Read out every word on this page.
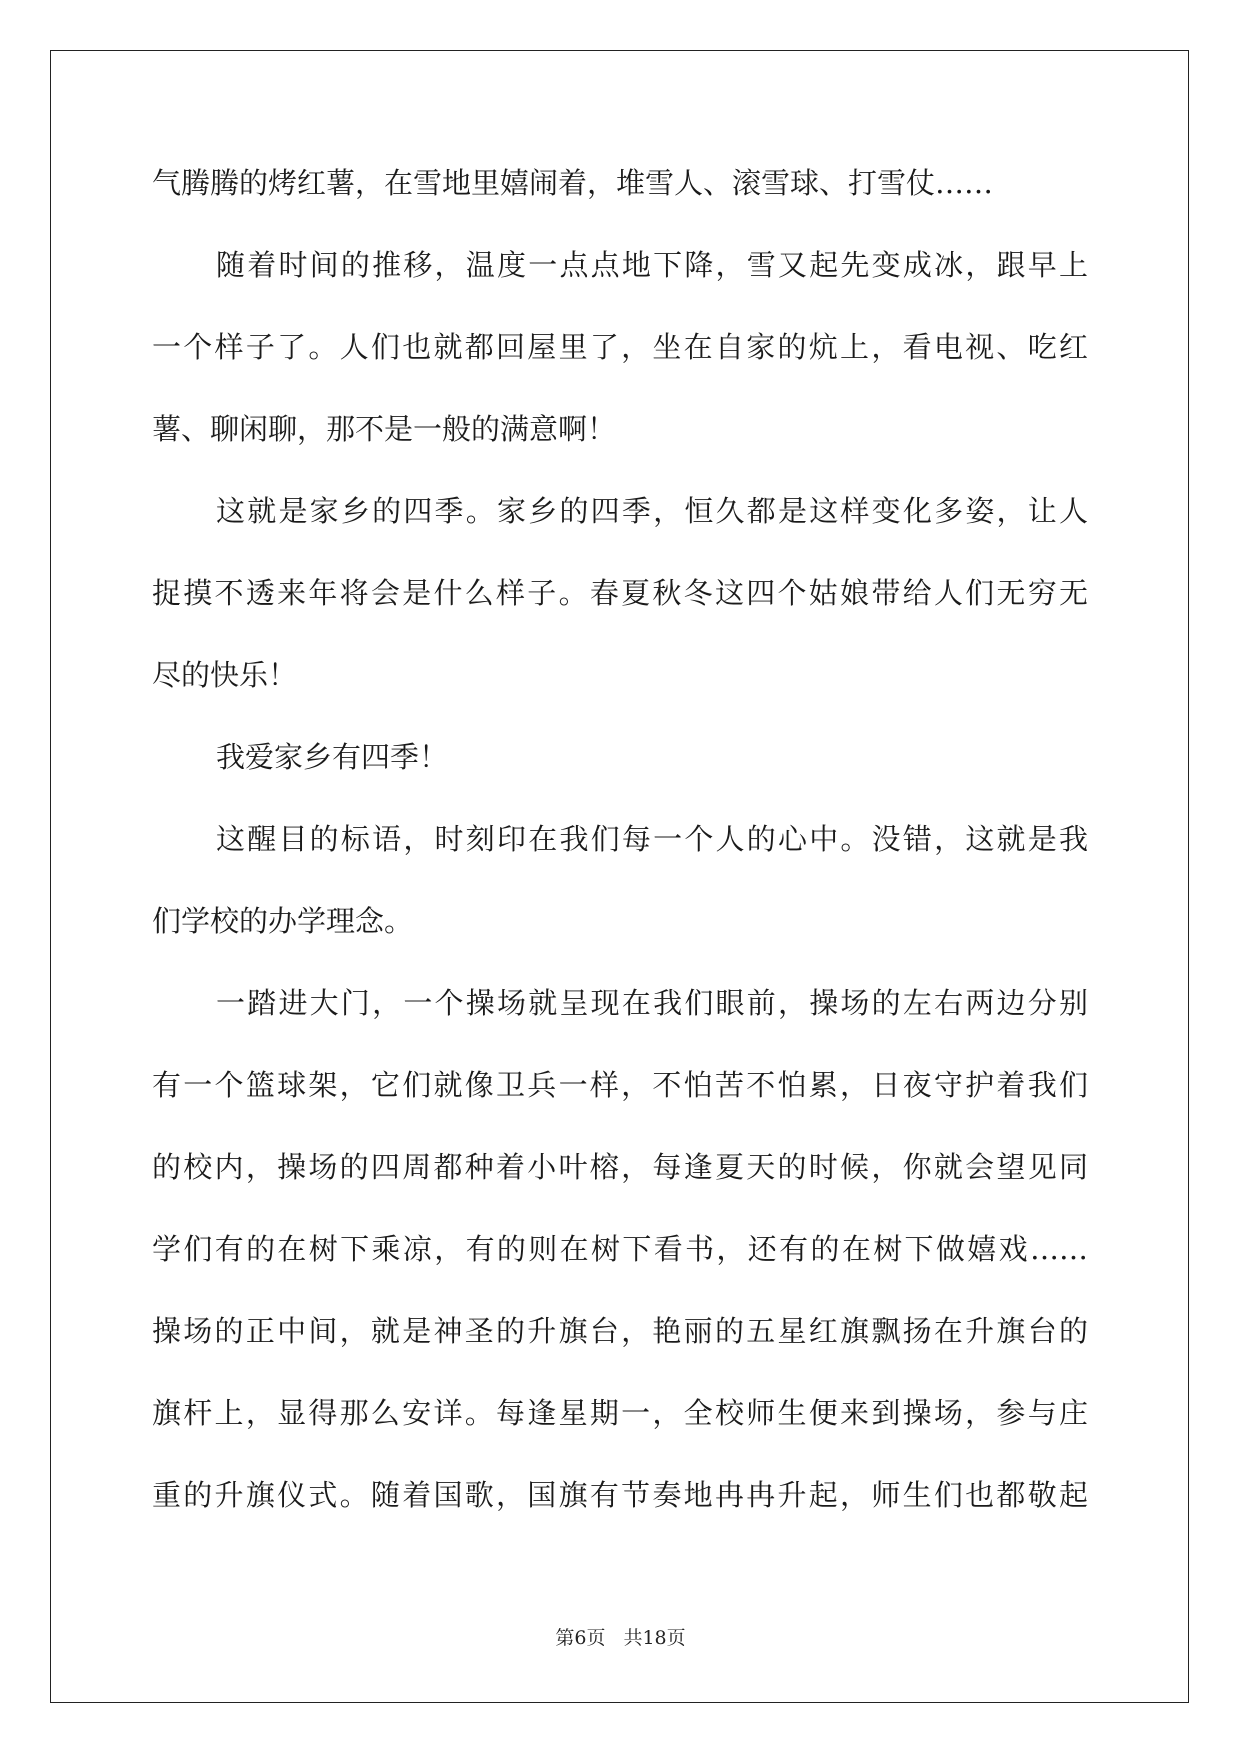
气腾腾的烤红薯，在雪地里嬉闹着，堆雪人、滚雪球、打雪仗……
随着时间的推移，温度一点点地下降，雪又起先变成冰，跟早上
一个样子了。人们也就都回屋里了，坐在自家的炕上，看电视、吃红
薯、聊闲聊，那不是一般的满意啊！
这就是家乡的四季。家乡的四季，恒久都是这样变化多姿，让人
捉摸不透来年将会是什么样子。春夏秋冬这四个姑娘带给人们无穷无
尽的快乐！
我爱家乡有四季！
这醒目的标语，时刻印在我们每一个人的心中。没错，这就是我
们学校的办学理念。
一踏进大门，一个操场就呈现在我们眼前，操场的左右两边分别
有一个篮球架，它们就像卫兵一样，不怕苦不怕累，日夜守护着我们
的校内，操场的四周都种着小叶榕，每逢夏天的时候，你就会望见同
学们有的在树下乘凉，有的则在树下看书，还有的在树下做嬉戏……
操场的正中间，就是神圣的升旗台，艳丽的五星红旗飘扬在升旗台的
旗杆上，显得那么安详。每逢星期一，全校师生便来到操场，参与庄
重的升旗仪式。随着国歌，国旗有节奏地冉冉升起，师生们也都敬起
第6页 共18页
